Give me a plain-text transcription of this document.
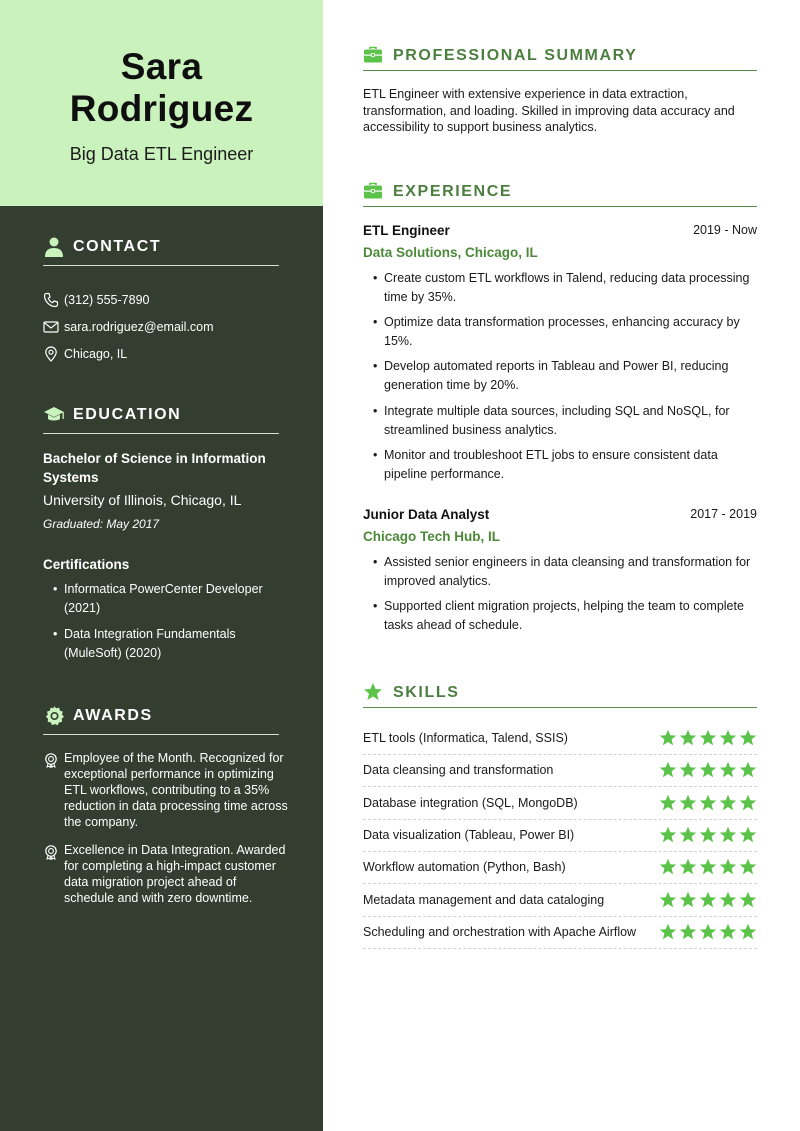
Sara
Rodriguez
Big Data ETL Engineer
CONTACT
(312) 555-7890
sara.rodriguez@email.com
Chicago, IL
EDUCATION
Bachelor of Science in Information Systems
University of Illinois, Chicago, IL
Graduated: May 2017
Certifications
• Informatica PowerCenter Developer (2021)
• Data Integration Fundamentals (MuleSoft) (2020)
AWARDS
Employee of the Month. Recognized for exceptional performance in optimizing ETL workflows, contributing to a 35% reduction in data processing time across the company.
Excellence in Data Integration. Awarded for completing a high-impact customer data migration project ahead of schedule and with zero downtime.
PROFESSIONAL SUMMARY
ETL Engineer with extensive experience in data extraction, transformation, and loading. Skilled in improving data accuracy and accessibility to support business analytics.
EXPERIENCE
ETL Engineer	2019 - Now
Data Solutions, Chicago, IL
• Create custom ETL workflows in Talend, reducing data processing time by 35%.
• Optimize data transformation processes, enhancing accuracy by 15%.
• Develop automated reports in Tableau and Power BI, reducing generation time by 20%.
• Integrate multiple data sources, including SQL and NoSQL, for streamlined business analytics.
• Monitor and troubleshoot ETL jobs to ensure consistent data pipeline performance.
Junior Data Analyst	2017 - 2019
Chicago Tech Hub, IL
• Assisted senior engineers in data cleansing and transformation for improved analytics.
• Supported client migration projects, helping the team to complete tasks ahead of schedule.
SKILLS
ETL tools (Informatica, Talend, SSIS)
Data cleansing and transformation
Database integration (SQL, MongoDB)
Data visualization (Tableau, Power BI)
Workflow automation (Python, Bash)
Metadata management and data cataloging
Scheduling and orchestration with Apache Airflow
